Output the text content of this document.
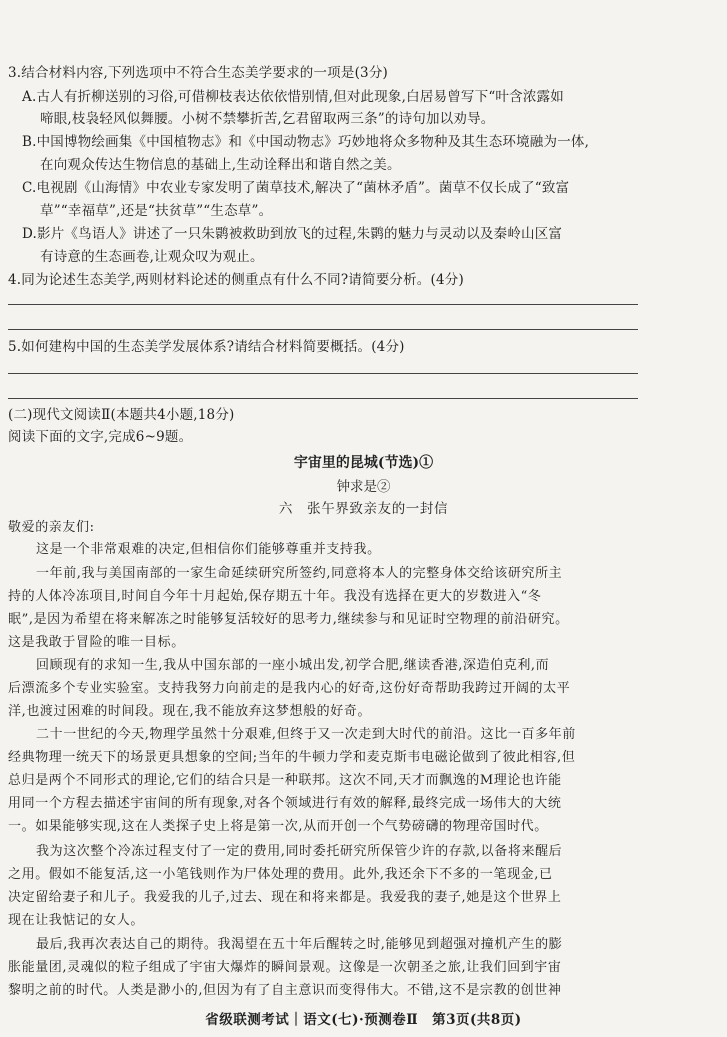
3.结合材料内容,下列选项中不符合生态美学要求的一项是(3分)
A.古人有折柳送别的习俗,可借柳枝表达依依惜别情,但对此现象,白居易曾写下“叶含浓露如
啼眼,枝袅轻风似舞腰。小树不禁攀折苦,乞君留取两三条”的诗句加以劝导。
B.中国博物绘画集《中国植物志》和《中国动物志》巧妙地将众多物种及其生态环境融为一体,
在向观众传达生物信息的基础上,生动诠释出和谐自然之美。
C.电视剧《山海情》中农业专家发明了菌草技术,解决了“菌林矛盾”。菌草不仅长成了“致富
草”“幸福草”,还是“扶贫草”“生态草”。
D.影片《鸟语人》讲述了一只朱鹮被救助到放飞的过程,朱鹮的魅力与灵动以及秦岭山区富
有诗意的生态画卷,让观众叹为观止。
4.同为论述生态美学,两则材料论述的侧重点有什么不同?请简要分析。(4分)
5.如何建构中国的生态美学发展体系?请结合材料简要概括。(4分)
(二)现代文阅读Ⅱ(本题共4小题,18分)
阅读下面的文字,完成6~9题。
宇宙里的昆城(节选)①
钟求是②
六　张午界致亲友的一封信
敬爱的亲友们:
这是一个非常艰难的决定,但相信你们能够尊重并支持我。
一年前,我与美国南部的一家生命延续研究所签约,同意将本人的完整身体交给该研究所主
持的人体冷冻项目,时间自今年十月起始,保存期五十年。我没有选择在更大的岁数进入“冬
眠”,是因为希望在将来解冻之时能够复活较好的思考力,继续参与和见证时空物理的前沿研究。
这是我敢于冒险的唯一目标。
回顾现有的求知一生,我从中国东部的一座小城出发,初学合肥,继读香港,深造伯克利,而
后漂流多个专业实验室。支持我努力向前走的是我内心的好奇,这份好奇帮助我跨过开阔的太平
洋,也渡过困难的时间段。现在,我不能放弃这梦想般的好奇。
二十一世纪的今天,物理学虽然十分艰难,但终于又一次走到大时代的前沿。这比一百多年前
经典物理一统天下的场景更具想象的空间;当年的牛顿力学和麦克斯韦电磁论做到了彼此相容,但
总归是两个不同形式的理论,它们的结合只是一种联邦。这次不同,天才而飘逸的M理论也许能
用同一个方程去描述宇宙间的所有现象,对各个领域进行有效的解释,最终完成一场伟大的大统
一。如果能够实现,这在人类探子史上将是第一次,从而开创一个气势磅礴的物理帝国时代。
我为这次整个冷冻过程支付了一定的费用,同时委托研究所保管少许的存款,以备将来醒后
之用。假如不能复活,这一小笔钱则作为尸体处理的费用。此外,我还余下不多的一笔现金,已
决定留给妻子和儿子。我爱我的儿子,过去、现在和将来都是。我爱我的妻子,她是这个世界上
现在让我惦记的女人。
最后,我再次表达自己的期待。我渴望在五十年后醒转之时,能够见到超强对撞机产生的膨
胀能量团,灵魂似的粒子组成了宇宙大爆炸的瞬间景观。这像是一次朝圣之旅,让我们回到宇宙
黎明之前的时代。人类是渺小的,但因为有了自主意识而变得伟大。不错,这不是宗教的创世神
省级联测考试｜语文(七)·预测卷Ⅱ　第3页(共8页)
